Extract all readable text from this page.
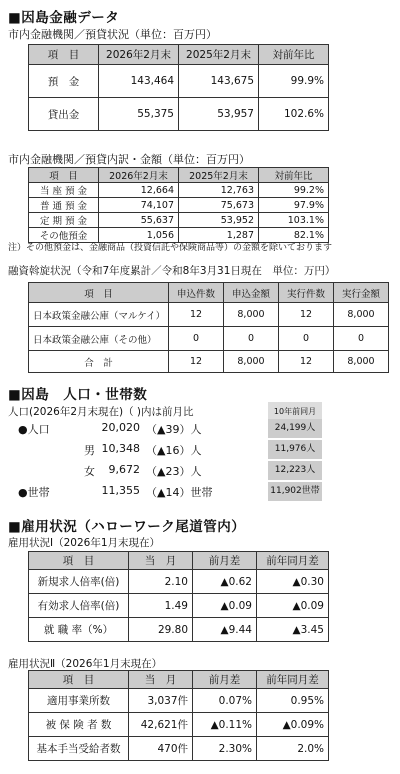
■因島金融データ
市内金融機関／預貸状況（単位：百万円）
項　目	2026年2月末	2025年2月末	対前年比
預　金	143,464	143,675	99.9%
貸出金	55,375	53,957	102.6%
市内金融機関／預貸内訳・金額（単位：百万円）
項　目	2026年2月末	2025年2月末	対前年比
当 座 預 金	12,664	12,763	99.2%
普 通 預 金	74,107	75,673	97.9%
定 期 預 金	55,637	53,952	103.1%
その他預金	1,056	1,287	82.1%
注）その他預金は、金融商品（投資信託や保険商品等）の金額を除いております
融資斡旋状況（令和7年度累計／令和8年3月31日現在　単位：万円）
項　目	申込件数	申込金額	実行件数	実行金額
日本政策金融公庫（マルケイ）	12	8,000	12	8,000
日本政策金融公庫（その他）	0	0	0	0
合　計	12	8,000	12	8,000
■因島　人口・世帯数
人口(2026年2月末現在)（ )内は前月比	10年前同月
●人口	20,020 （▲39）人	24,199人
男 10,348 （▲16）人	11,976人
女	9,672 （▲23）人	12,223人
●世帯	11,355 （▲14）世帯	11,902世帯
■雇用状況（ハローワーク尾道管内）
雇用状況Ⅰ（2026年1月末現在）
項　目	当　月	前月差	前年同月差
新規求人倍率(倍)	2.10	▲0.62	▲0.30
有効求人倍率(倍)	1.49	▲0.09	▲0.09
就 職 率（%）	29.80	▲9.44	▲3.45
雇用状況Ⅱ（2026年1月末現在）
項　目	当　月	前月差	前年同月差
適用事業所数	3,037件	0.07%	0.95%
被 保 険 者 数	42,621件	▲0.11%	▲0.09%
基本手当受給者数	470件	2.30%	2.0%
